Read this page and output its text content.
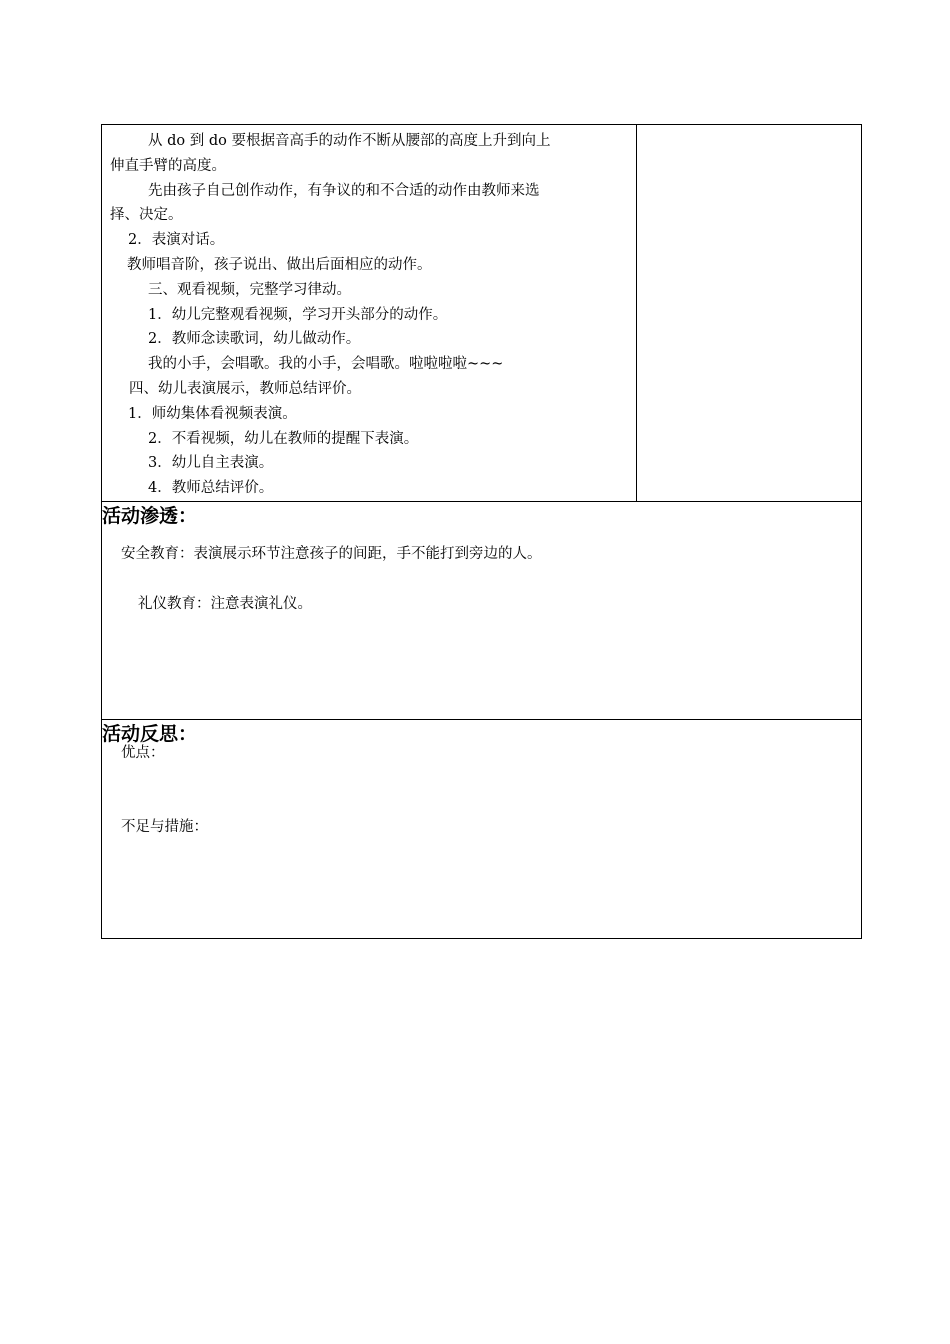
从 do 到 do 要根据音高手的动作不断从腰部的高度上升到向上
伸直手臂的高度。
先由孩子自己创作动作，有争议的和不合适的动作由教师来选
择、决定。
2．表演对话。
教师唱音阶，孩子说出、做出后面相应的动作。
三、观看视频，完整学习律动。
1．幼儿完整观看视频，学习开头部分的动作。
2．教师念读歌词，幼儿做动作。
我的小手，会唱歌。我的小手，会唱歌。啦啦啦啦~~~
四、幼儿表演展示，教师总结评价。
1．师幼集体看视频表演。
2．不看视频，幼儿在教师的提醒下表演。
3．幼儿自主表演。
4．教师总结评价。

活动渗透：
安全教育：表演展示环节注意孩子的间距，手不能打到旁边的人。
礼仪教育：注意表演礼仪。

活动反思：
优点：
不足与措施：
